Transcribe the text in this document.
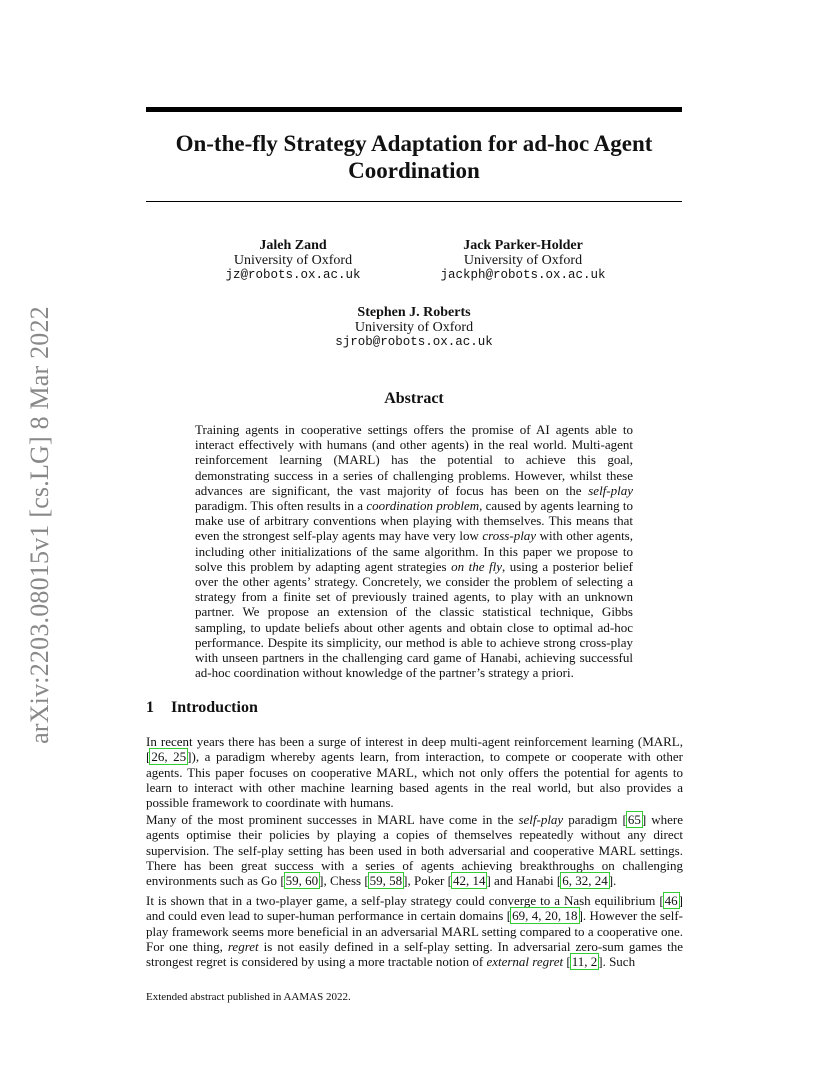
arXiv:2203.08015v1 [cs.LG] 8 Mar 2022
On-the-fly Strategy Adaptation for ad-hoc Agent
Coordination
Jaleh Zand
University of Oxford
jz@robots.ox.ac.uk
Jack Parker-Holder
University of Oxford
jackph@robots.ox.ac.uk
Stephen J. Roberts
University of Oxford
sjrob@robots.ox.ac.uk
Abstract
Training agents in cooperative settings offers the promise of AI agents able to interact effectively with humans (and other agents) in the real world. Multi-agent reinforcement learning (MARL) has the potential to achieve this goal, demonstrating success in a series of challenging problems. However, whilst these advances are significant, the vast majority of focus has been on the self-play paradigm. This often results in a coordination problem, caused by agents learning to make use of arbitrary conventions when playing with themselves. This means that even the strongest self-play agents may have very low cross-play with other agents, including other initializations of the same algorithm. In this paper we propose to solve this problem by adapting agent strategies on the fly, using a posterior belief over the other agents’ strategy. Concretely, we consider the problem of selecting a strategy from a finite set of previously trained agents, to play with an unknown partner. We propose an extension of the classic statistical technique, Gibbs sampling, to update beliefs about other agents and obtain close to optimal ad-hoc performance. Despite its simplicity, our method is able to achieve strong cross-play with unseen partners in the challenging card game of Hanabi, achieving successful ad-hoc coordination without knowledge of the partner’s strategy a priori.
1 Introduction
In recent years there has been a surge of interest in deep multi-agent reinforcement learning (MARL, [26, 25]), a paradigm whereby agents learn, from interaction, to compete or cooperate with other agents. This paper focuses on cooperative MARL, which not only offers the potential for agents to learn to interact with other machine learning based agents in the real world, but also provides a possible framework to coordinate with humans.
Many of the most prominent successes in MARL have come in the self-play paradigm [65] where agents optimise their policies by playing a copies of themselves repeatedly without any direct supervision. The self-play setting has been used in both adversarial and cooperative MARL settings. There has been great success with a series of agents achieving breakthroughs on challenging environments such as Go [59, 60], Chess [59, 58], Poker [42, 14] and Hanabi [6, 32, 24].
It is shown that in a two-player game, a self-play strategy could converge to a Nash equilibrium [46] and could even lead to super-human performance in certain domains [69, 4, 20, 18]. However the self-play framework seems more beneficial in an adversarial MARL setting compared to a cooperative one. For one thing, regret is not easily defined in a self-play setting. In adversarial zero-sum games the strongest regret is considered by using a more tractable notion of external regret [11, 2]. Such
Extended abstract published in AAMAS 2022.
